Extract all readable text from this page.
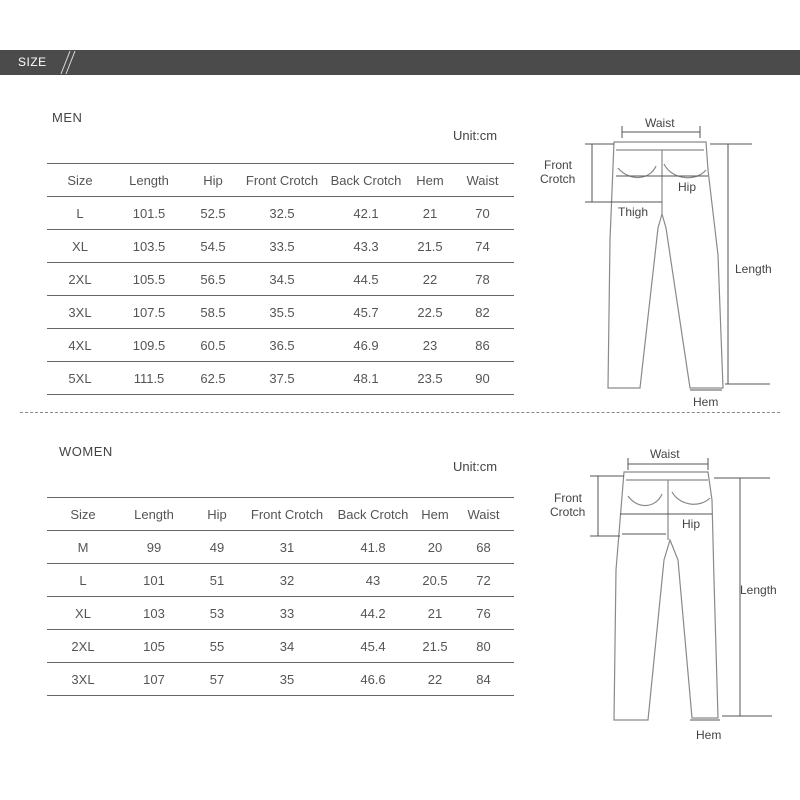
SIZE
MEN
Unit:cm
Size	Length	Hip	Front Crotch	Back Crotch	Hem	Waist
L	101.5	52.5	32.5	42.1	21	70
XL	103.5	54.5	33.5	43.3	21.5	74
2XL	105.5	56.5	34.5	44.5	22	78
3XL	107.5	58.5	35.5	45.7	22.5	82
4XL	109.5	60.5	36.5	46.9	23	86
5XL	111.5	62.5	37.5	48.1	23.5	90
Waist
Front
Crotch
Hip
Thigh
Length
Hem
WOMEN
Unit:cm
Size	Length	Hip	Front Crotch	Back Crotch	Hem	Waist
M	99	49	31	41.8	20	68
L	101	51	32	43	20.5	72
XL	103	53	33	44.2	21	76
2XL	105	55	34	45.4	21.5	80
3XL	107	57	35	46.6	22	84
Waist
Front
Crotch
Hip
Length
Hem
